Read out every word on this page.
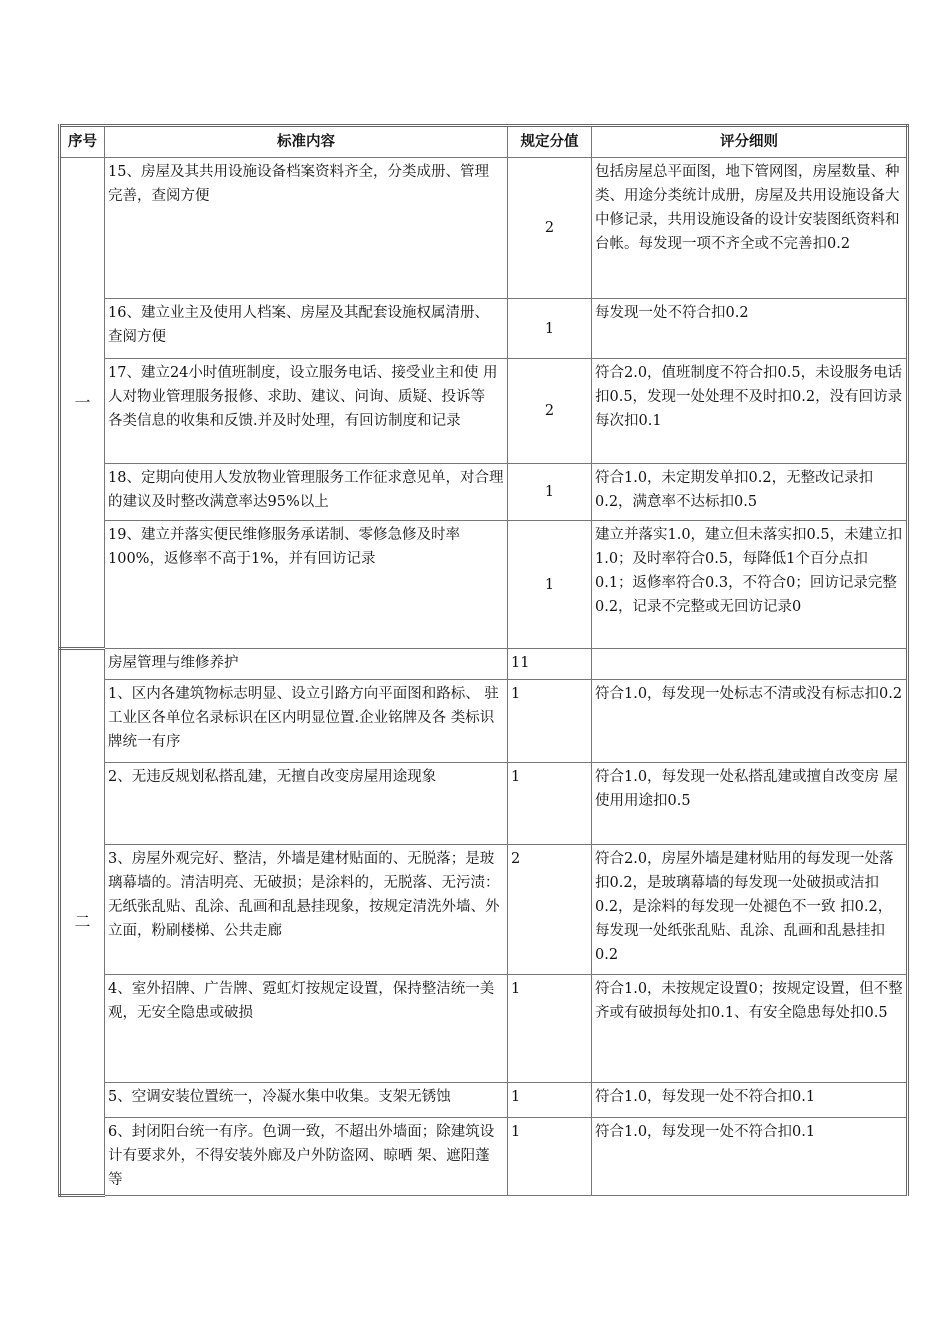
序号	标准内容	规定分值	评分细则
一	15、房屋及其共用设施设备档案资料齐全，分类成册、管理 完善，查阅方便	2	包括房屋总平面图，地下管网图，房屋数量、种类、用途分类统计成册，房屋及共用设施设备大中修记录，共用设施设备的设计安装图纸资料和台帐。每发现一项不齐全或不完善扣0.2
	16、建立业主及使用人档案、房屋及其配套设施权属清册、 查阅方便	1	每发现一处不符合扣0.2
	17、建立24小时值班制度，设立服务电话、接受业主和使 用人对物业管理服务报修、求助、建议、问询、质疑、投诉等 各类信息的收集和反馈.并及时处理，有回访制度和记录	2	符合2.0，值班制度不符合扣0.5，未设服务电话扣0.5，发现一处处理不及时扣0.2，没有回访录每次扣0.1
	18、定期向使用人发放物业管理服务工作征求意见单，对合理的建议及时整改满意率达95%以上	1	符合1.0，未定期发单扣0.2，无整改记录扣0.2，满意率不达标扣0.5
	19、建立并落实便民维修服务承诺制、零修急修及时率 100%，返修率不高于1%，并有回访记录	1	建立并落实1.0，建立但未落实扣0.5，未建立扣1.0；及时率符合0.5，每降低1个百分点扣0.1；返修率符合0.3，不符合0；回访记录完整0.2，记录不完整或无回访记录0
二	房屋管理与维修养护	11	
	1、区内各建筑物标志明显、设立引路方向平面图和路标、 驻工业区各单位名录标识在区内明显位置.企业铭牌及各 类标识牌统一有序	1	符合1.0，每发现一处标志不清或没有标志扣0.2
	2、无违反规划私搭乱建，无擅自改变房屋用途现象	1	符合1.0，每发现一处私搭乱建或擅自改变房 屋使用用途扣0.5
	3、房屋外观完好、整洁，外墙是建材贴面的、无脱落；是玻 璃幕墙的。清洁明亮、无破损；是涂料的，无脱落、无污渍： 无纸张乱贴、乱涂、乱画和乱悬挂现象，按规定清洗外墙、外立面，粉刷楼梯、公共走廊	2	符合2.0，房屋外墙是建材贴用的每发现一处落扣0.2，是玻璃幕墙的每发现一处破损或洁扣0.2，是涂料的每发现一处褪色不一致 扣0.2，每发现一处纸张乱贴、乱涂、乱画和乱悬挂扣0.2
	4、室外招牌、广告牌、霓虹灯按规定设置，保持整洁统一美 观，无安全隐患或破损	1	符合1.0，未按规定设置0；按规定设置，但不整 齐或有破损每处扣0.1、有安全隐患每处扣0.5
	5、空调安装位置统一，冷凝水集中收集。支架无锈蚀	1	符合1.0，每发现一处不符合扣0.1
	6、封闭阳台统一有序。色调一致，不超出外墙面；除建筑设计有要求外，不得安装外廊及户外防盗网、晾晒 架、遮阳蓬等	1	符合1.0，每发现一处不符合扣0.1
